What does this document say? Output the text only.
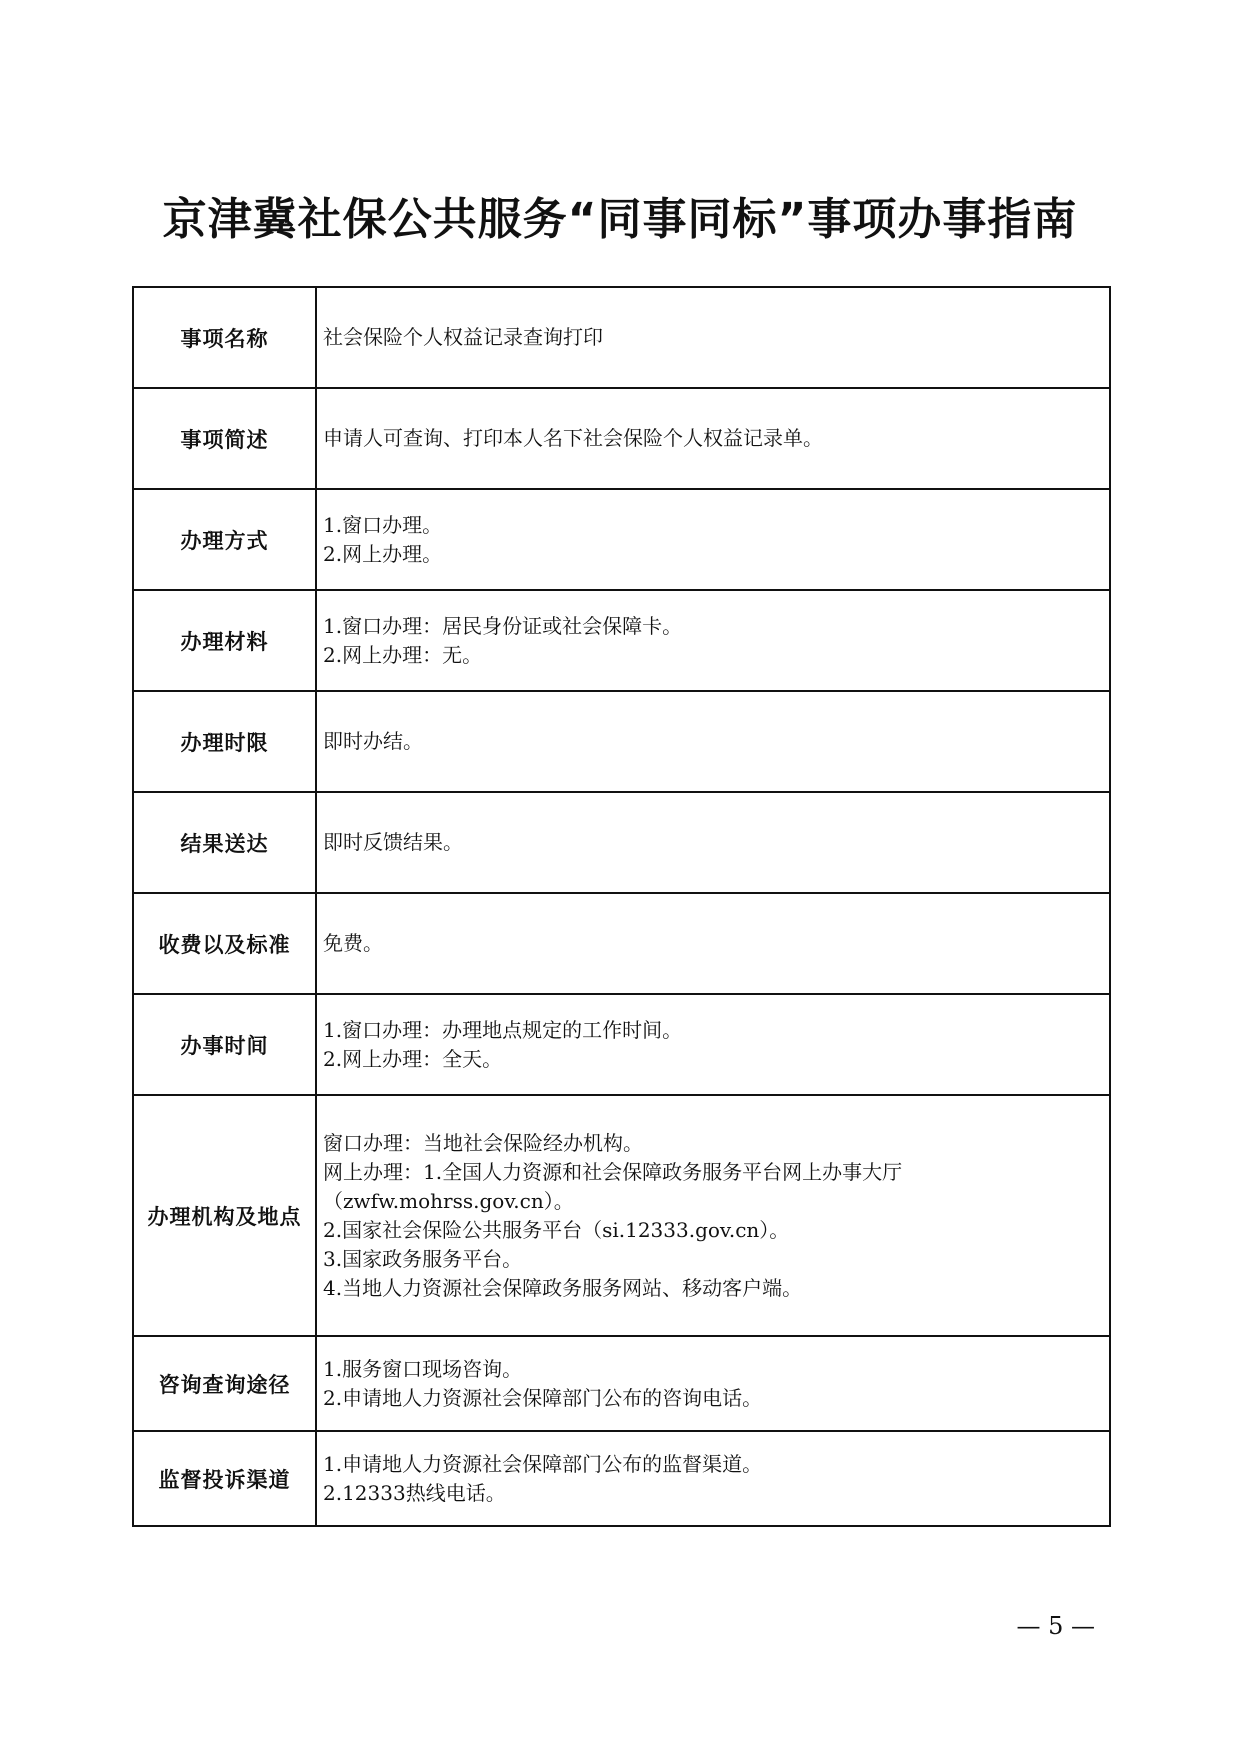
京津冀社保公共服务“同事同标”事项办事指南
事项名称	社会保险个人权益记录查询打印

事项简述	申请人可查询、打印本人名下社会保险个人权益记录单。

办理方式	1.窗口办理。
2.网上办理。

办理材料	1.窗口办理：居民身份证或社会保障卡。
2.网上办理：无。

办理时限	即时办结。

结果送达	即时反馈结果。

收费以及标准	免费。

办事时间	1.窗口办理：办理地点规定的工作时间。
2.网上办理：全天。

办理机构及地点	窗口办理：当地社会保险经办机构。
网上办理：1.全国人力资源和社会保障政务服务平台网上办事大厅（zwfw.mohrss.gov.cn）。
2.国家社会保险公共服务平台（si.12333.gov.cn）。
3.国家政务服务平台。
4.当地人力资源社会保障政务服务网站、移动客户端。

咨询查询途径	1.服务窗口现场咨询。
2.申请地人力资源社会保障部门公布的咨询电话。

监督投诉渠道	1.申请地人力资源社会保障部门公布的监督渠道。
2.12333热线电话。
— 5 —
